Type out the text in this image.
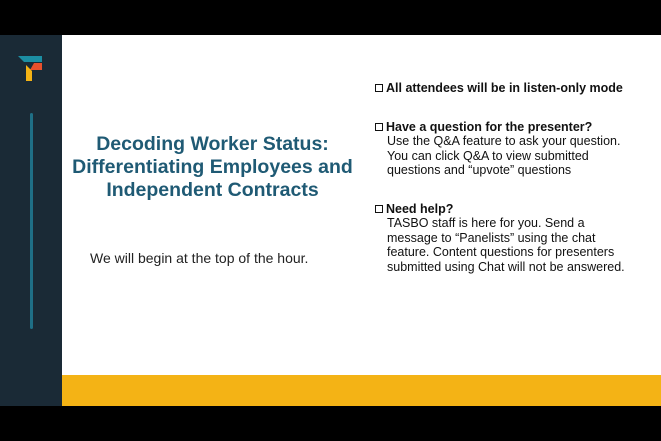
Decoding Worker Status: Differentiating Employees and Independent Contracts
We will begin at the top of the hour.
All attendees will be in listen-only mode
Have a question for the presenter?
Use the Q&A feature to ask your question. You can click Q&A to view submitted questions and “upvote” questions
Need help?
TASBO staff is here for you. Send a message to “Panelists” using the chat feature. Content questions for presenters submitted using Chat will not be answered.
